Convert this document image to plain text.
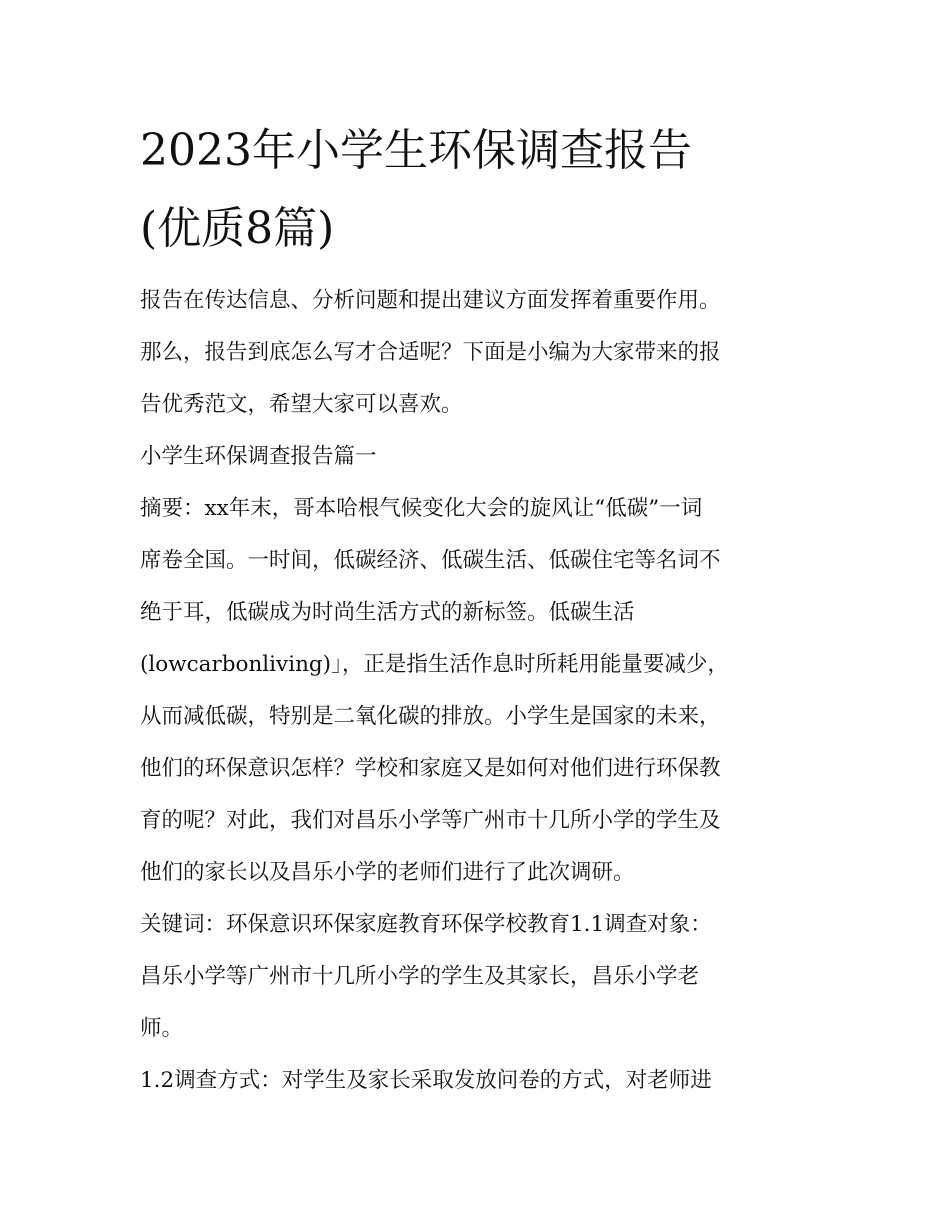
2023年小学生环保调查报告
(优质8篇)
报告在传达信息、分析问题和提出建议方面发挥着重要作用。
那么，报告到底怎么写才合适呢？下面是小编为大家带来的报
告优秀范文，希望大家可以喜欢。
小学生环保调查报告篇一
摘要：xx年末，哥本哈根气候变化大会的旋风让“低碳”一词
席卷全国。一时间，低碳经济、低碳生活、低碳住宅等名词不
绝于耳，低碳成为时尚生活方式的新标签。低碳生活
(lowcarbonliving)」，正是指生活作息时所耗用能量要减少，
从而减低碳，特别是二氧化碳的排放。小学生是国家的未来，
他们的环保意识怎样？学校和家庭又是如何对他们进行环保教
育的呢？对此，我们对昌乐小学等广州市十几所小学的学生及
他们的家长以及昌乐小学的老师们进行了此次调研。
关键词：环保意识环保家庭教育环保学校教育1.1调查对象：
昌乐小学等广州市十几所小学的学生及其家长，昌乐小学老
师。
1.2调查方式：对学生及家长采取发放问卷的方式，对老师进
